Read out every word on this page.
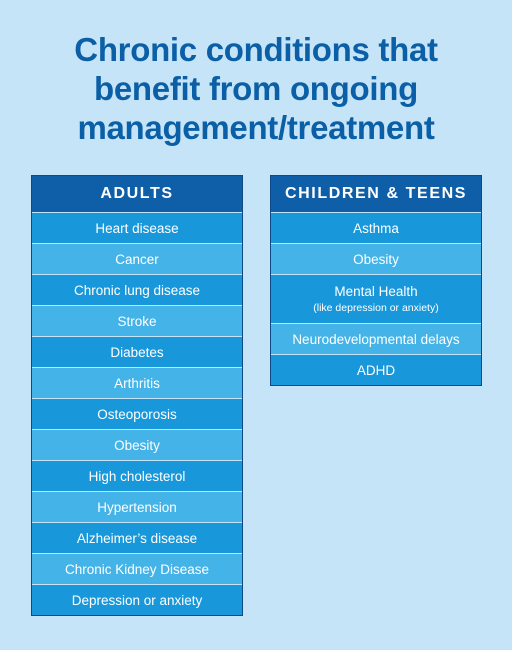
Chronic conditions that
benefit from ongoing
management/treatment
ADULTS
Heart disease
Cancer
Chronic lung disease
Stroke
Diabetes
Arthritis
Osteoporosis
Obesity
High cholesterol
Hypertension
Alzheimer’s disease
Chronic Kidney Disease
Depression or anxiety
CHILDREN & TEENS
Asthma
Obesity
Mental Health
(like depression or anxiety)
Neurodevelopmental delays
ADHD
